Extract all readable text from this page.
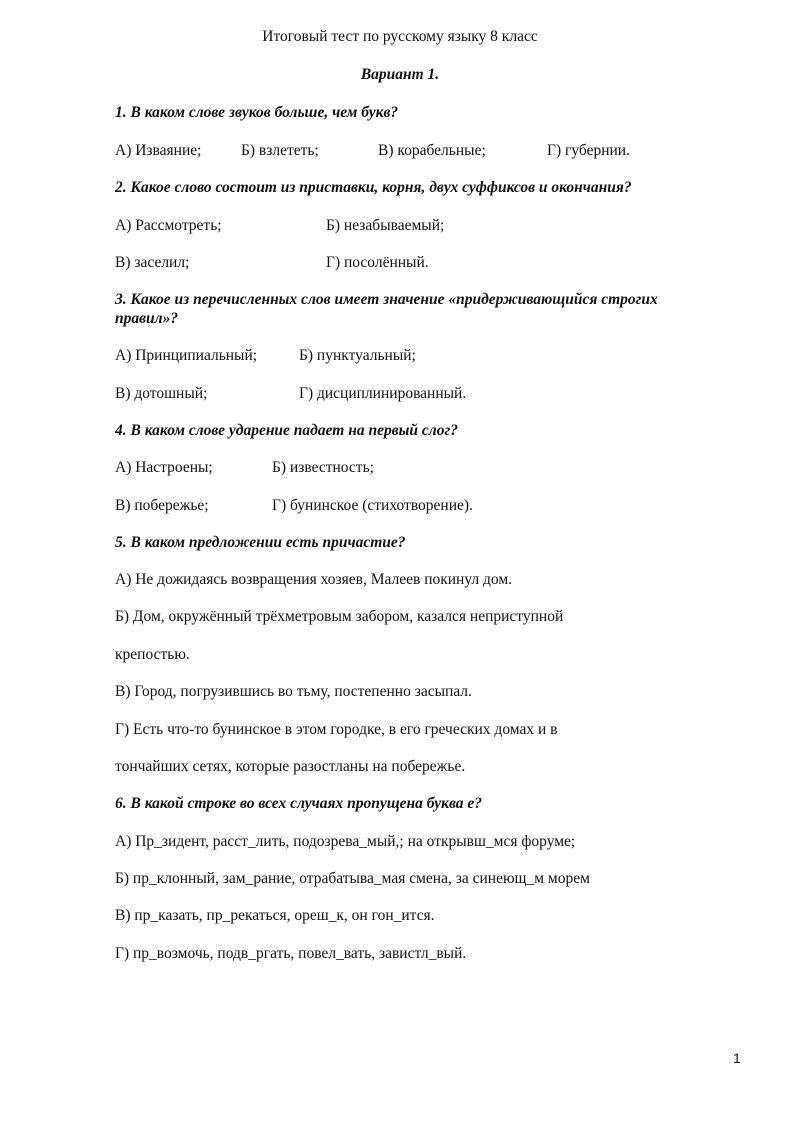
Итоговый тест по русскому языку 8 класс
Вариант 1.
1. В каком слове звуков больше, чем букв?
А) Изваяние;	Б) взлететь;	В) корабельные;	Г) губернии.
2. Какое слово состоит из приставки, корня, двух суффиксов и окончания?
А) Рассмотреть;	Б) незабываемый;
В) заселил;	Г) посолённый.
3. Какое из перечисленных слов имеет значение «придерживающийся строгих
правил»?
А) Принципиальный;	Б) пунктуальный;
В) дотошный;	Г) дисциплинированный.
4. В каком слове ударение падает на первый слог?
А) Настроены;	Б) известность;
В) побережье;	Г) бунинское (стихотворение).
5. В каком предложении есть причастие?
А) Не дожидаясь возвращения хозяев, Малеев покинул дом.
Б) Дом, окружённый трёхметровым забором, казался неприступной
крепостью.
В) Город, погрузившись во тьму, постепенно засыпал.
Г) Есть что-то бунинское в этом городке, в его греческих домах и в
тончайших сетях, которые разостланы на побережье.
6. В какой строке во всех случаях пропущена буква е?
А) Пр_зидент, расст_лить, подозрева_мый,; на открывш_мся форуме;
Б) пр_клонный, зам_рание, отрабатыва_мая смена, за синеющ_м морем
В) пр_казать, пр_рекаться, ореш_к, он гон_ится.
Г) пр_возмочь, подв_ргать, повел_вать, завистл_вый.
1
